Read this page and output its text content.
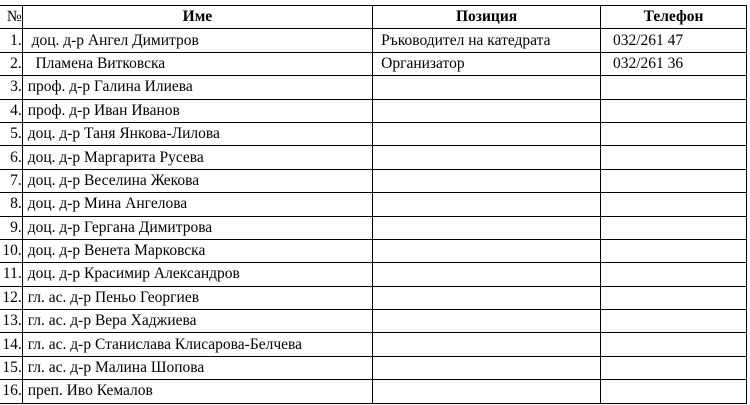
№	Име	Позиция	Телефон
1.	доц. д-р Ангел Димитров	Ръководител на катедрата	032/261 47
2.	Пламена Витковска	Организатор	032/261 36
3.	проф. д-р Галина Илиева		
4.	проф. д-р Иван Иванов		
5.	доц. д-р Таня Янкова-Лилова		
6.	доц. д-р Маргарита Русева		
7.	доц. д-р Веселина Жекова		
8.	доц. д-р Мина Ангелова		
9.	доц. д-р Гергана Димитрова		
10.	доц. д-р Венета Марковска		
11.	доц. д-р Красимир Александров		
12.	гл. ас. д-р Пеньо Георгиев		
13.	гл. ас. д-р Вера Хаджиева		
14.	гл. ас. д-р Станислава Клисарова-Белчева		
15.	гл. ас. д-р Малина Шопова		
16.	преп. Иво Кемалов		
